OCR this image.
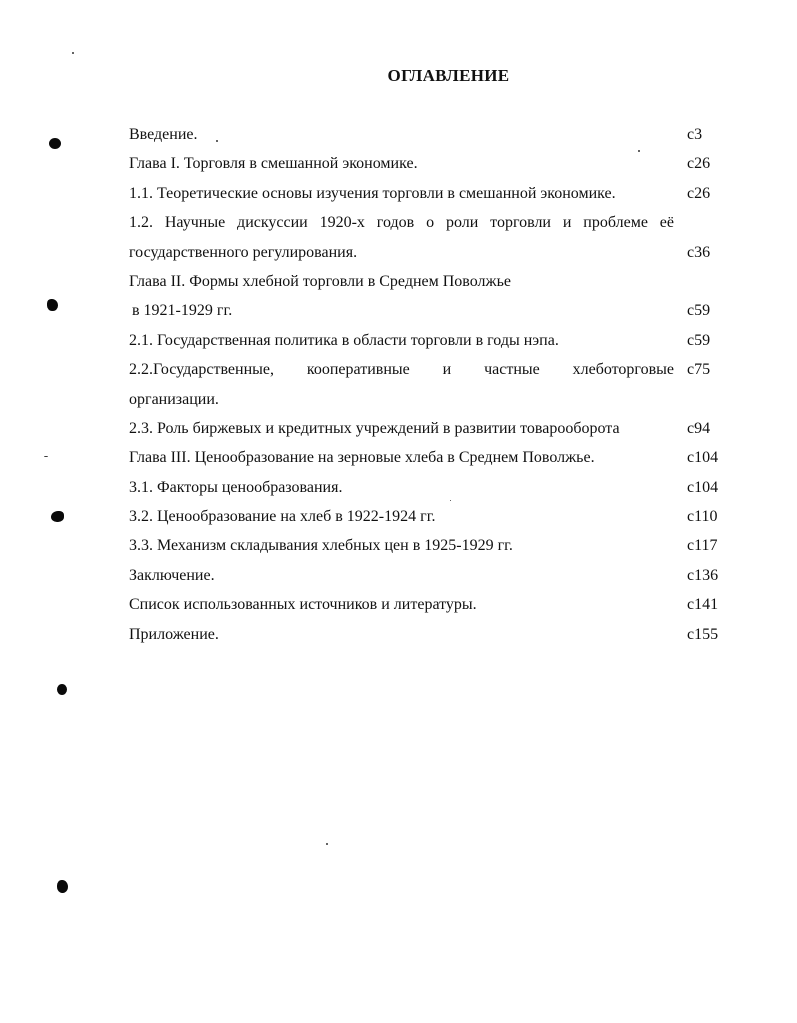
ОГЛАВЛЕНИЕ
Введение.	с3
Глава I. Торговля в смешанной экономике.	с26
1.1. Теоретические основы изучения торговли в смешанной экономике.	с26
1.2. Научные дискуссии 1920-х годов о роли торговли и проблеме её
государственного регулирования.	с36
Глава II. Формы хлебной торговли в Среднем Поволжье
в 1921-1929 гг.	с59
2.1. Государственная политика в области торговли в годы нэпа.	с59
2.2.Государственные, кооперативные и частные хлеботорговые с75
организации.
2.3. Роль биржевых и кредитных учреждений в развитии товарооборота	с94
Глава III. Ценообразование на зерновые хлеба в Среднем Поволжье.	с104
3.1. Факторы ценообразования.	с104
3.2. Ценообразование на хлеб в 1922-1924 гг.	с110
3.3. Механизм складывания хлебных цен в 1925-1929 гг.	с117
Заключение.	с136
Список использованных источников и литературы.	с141
Приложение.	с155
